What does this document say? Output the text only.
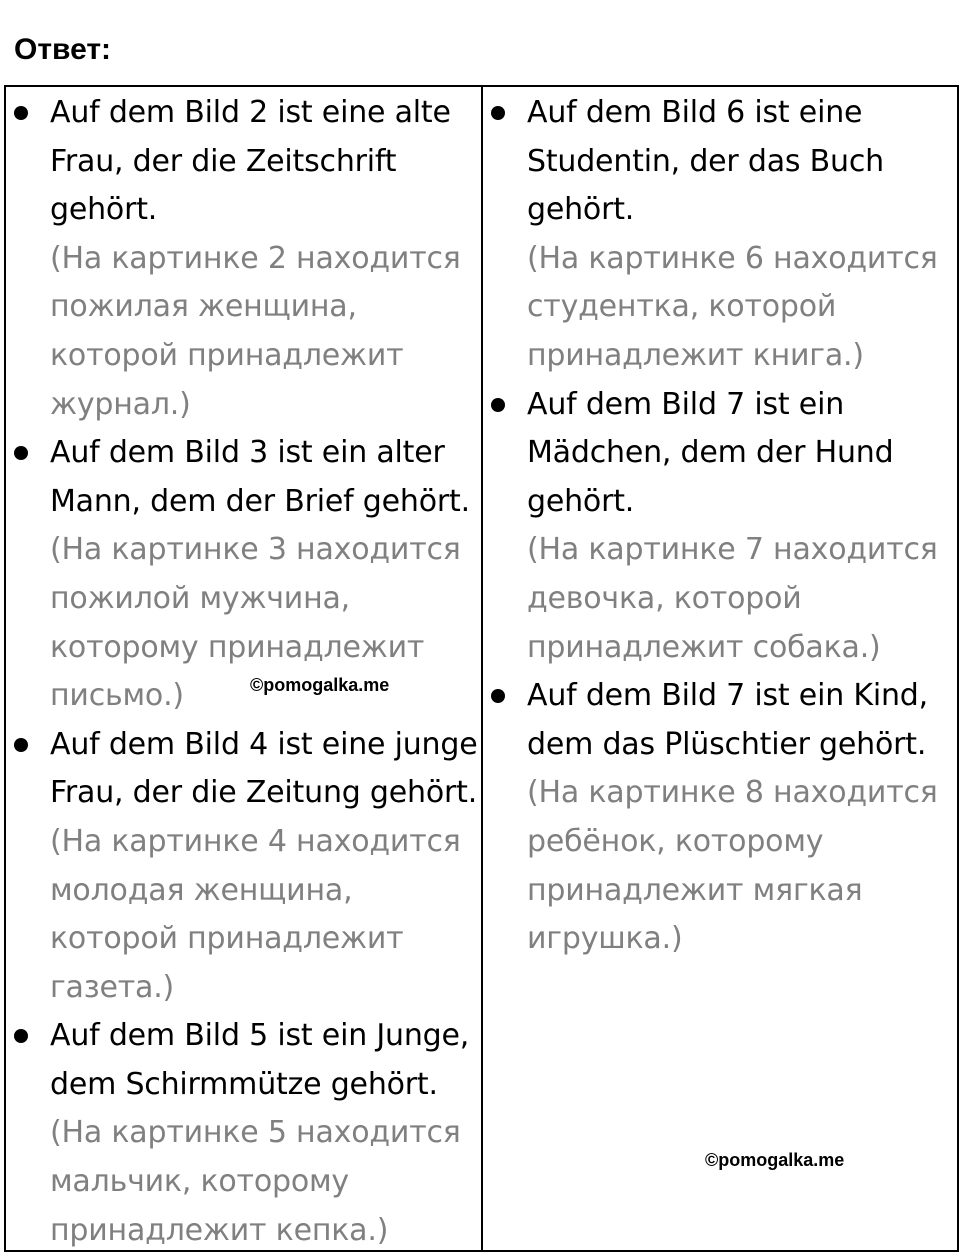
Ответ:
Auf dem Bild 2 ist eine alte
Frau, der die Zeitschrift
gehört.
(На картинке 2 находится
пожилая женщина,
которой принадлежит
журнал.)
Auf dem Bild 3 ist ein alter
Mann, dem der Brief gehört.
(На картинке 3 находится
пожилой мужчина,
которому принадлежит
письмо.)
Auf dem Bild 4 ist eine junge
Frau, der die Zeitung gehört.
(На картинке 4 находится
молодая женщина,
которой принадлежит
газета.)
Auf dem Bild 5 ist ein Junge,
dem Schirmmütze gehört.
(На картинке 5 находится
мальчик, которому
принадлежит кепка.)
Auf dem Bild 6 ist eine
Studentin, der das Buch
gehört.
(На картинке 6 находится
студентка, которой
принадлежит книга.)
Auf dem Bild 7 ist ein
Mädchen, dem der Hund
gehört.
(На картинке 7 находится
девочка, которой
принадлежит собака.)
Auf dem Bild 7 ist ein Kind,
dem das Plüschtier gehört.
(На картинке 8 находится
ребёнок, которому
принадлежит мягкая
игрушка.)
©pomogalka.me
©pomogalka.me
